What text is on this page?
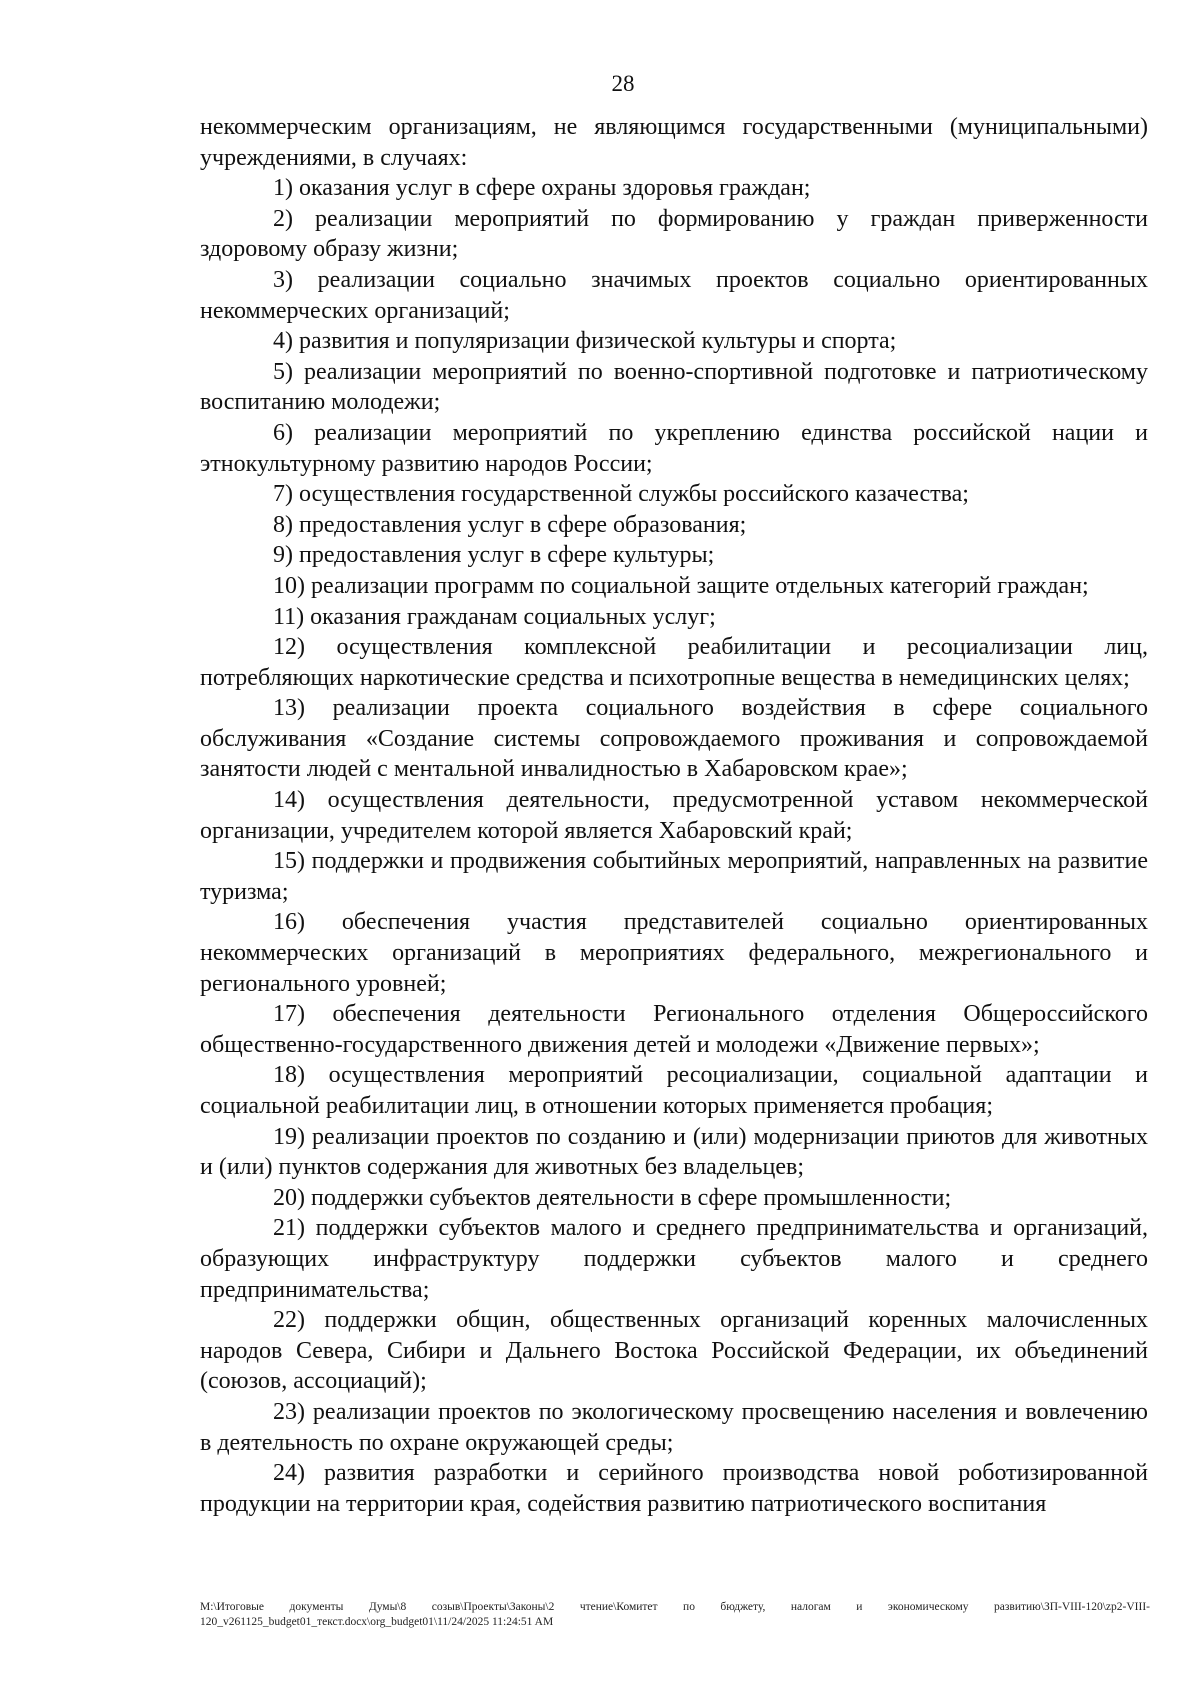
28

некоммерческим организациям, не являющимся государственными (муниципальными) учреждениями, в случаях:

1) оказания услуг в сфере охраны здоровья граждан;

2) реализации мероприятий по формированию у граждан приверженности здоровому образу жизни;

3) реализации социально значимых проектов социально ориентированных некоммерческих организаций;

4) развития и популяризации физической культуры и спорта;

5) реализации мероприятий по военно-спортивной подготовке и патриотическому воспитанию молодежи;

6) реализации мероприятий по укреплению единства российской нации и этнокультурному развитию народов России;

7) осуществления государственной службы российского казачества;

8) предоставления услуг в сфере образования;

9) предоставления услуг в сфере культуры;

10) реализации программ по социальной защите отдельных категорий граждан;

11) оказания гражданам социальных услуг;

12) осуществления комплексной реабилитации и ресоциализации лиц, потребляющих наркотические средства и психотропные вещества в немедицинских целях;

13) реализации проекта социального воздействия в сфере социального обслуживания «Создание системы сопровождаемого проживания и сопровождаемой занятости людей с ментальной инвалидностью в Хабаровском крае»;

14) осуществления деятельности, предусмотренной уставом некоммерческой организации, учредителем которой является Хабаровский край;

15) поддержки и продвижения событийных мероприятий, направленных на развитие туризма;

16) обеспечения участия представителей социально ориентированных некоммерческих организаций в мероприятиях федерального, межрегионального и регионального уровней;

17) обеспечения деятельности Регионального отделения Общероссийского общественно-государственного движения детей и молодежи «Движение первых»;

18) осуществления мероприятий ресоциализации, социальной адаптации и социальной реабилитации лиц, в отношении которых применяется пробация;

19) реализации проектов по созданию и (или) модернизации приютов для животных и (или) пунктов содержания для животных без владельцев;

20) поддержки субъектов деятельности в сфере промышленности;

21) поддержки субъектов малого и среднего предпринимательства и организаций, образующих инфраструктуру поддержки субъектов малого и среднего предпринимательства;

22) поддержки общин, общественных организаций коренных малочисленных народов Севера, Сибири и Дальнего Востока Российской Федерации, их объединений (союзов, ассоциаций);

23) реализации проектов по экологическому просвещению населения и вовлечению в деятельность по охране окружающей среды;

24) развития разработки и серийного производства новой роботизированной продукции на территории края, содействия развитию патриотического воспитания

М:\Итоговые документы Думы\8 созыв\Проекты\Законы\2 чтение\Комитет по бюджету, налогам и экономическому развитию\ЗП-VIII-120\zp2-VIII-120_v261125_budget01_текст.docx\org_budget01\11/24/2025 11:24:51 AM
